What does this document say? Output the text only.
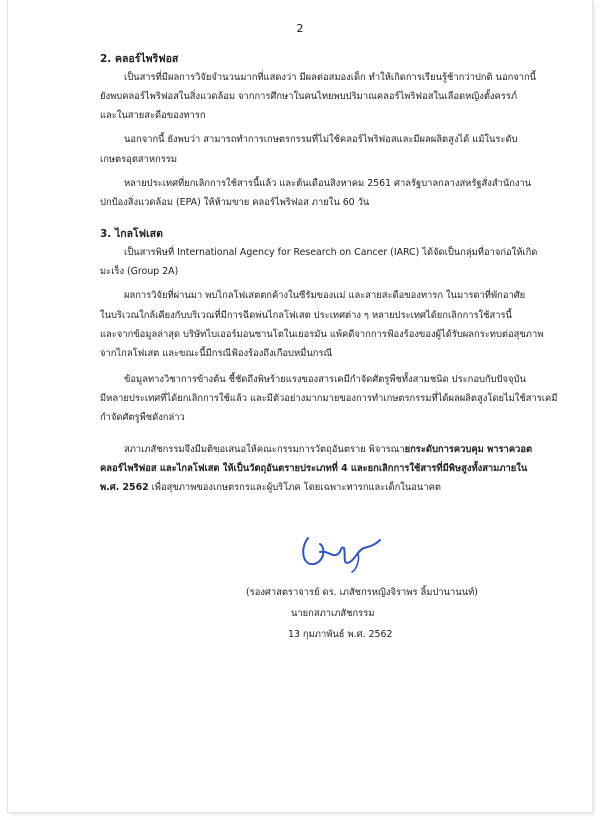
2
2. คลอร์ไพริฟอส
เป็นสารที่มีผลการวิจัยจำนวนมากที่แสดงว่า มีผลต่อสมองเด็ก ทำให้เกิดการเรียนรู้ช้ากว่าปกติ นอกจากนี้
ยังพบคลอร์ไพริฟอสในสิ่งแวดล้อม จากการศึกษาในคนไทยพบปริมาณคลอร์ไพริฟอสในเลือดหญิงตั้งครรภ์
และในสายสะดือของทารก
นอกจากนี้ ยังพบว่า สามารถทำการเกษตรกรรมที่ไม่ใช้คลอร์ไพริฟอสและมีผลผลิตสูงได้ แม้ในระดับ
เกษตรอุตสาหกรรม
หลายประเทศที่ยกเลิกการใช้สารนี้แล้ว และต้นเดือนสิงหาคม 2561 ศาลรัฐบาลกลางสหรัฐสั่งสำนักงาน
ปกป้องสิ่งแวดล้อม (EPA) ให้ห้ามขาย คลอร์ไพริฟอส ภายใน 60 วัน
3. ไกลโฟเสต
เป็นสารพิษที่ International Agency for Research on Cancer (IARC) ได้จัดเป็นกลุ่มที่อาจก่อให้เกิด
มะเร็ง (Group 2A)
ผลการวิจัยที่ผ่านมา พบไกลโฟเสตตกค้างในซีรัมของแม่ และสายสะดือของทารก ในมารดาที่พักอาศัย
ในบริเวณใกล้เคียงกับบริเวณที่มีการฉีดพ่นไกลโฟเสต ประเทศต่าง ๆ หลายประเทศได้ยกเลิกการใช้สารนี้
และจากข้อมูลล่าสุด บริษัทไบเออร์มอนซานโตในเยอรมัน แพ้คดีจากการฟ้องร้องของผู้ได้รับผลกระทบต่อสุขภาพ
จากไกลโฟเสต และขณะนี้มีกรณีฟ้องร้องถึงเกือบหมื่นกรณี
ข้อมูลทางวิชาการข้างต้น ชี้ชัดถึงพิษร้ายแรงของสารเคมีกำจัดศัตรูพืชทั้งสามชนิด ประกอบกับปัจจุบัน
มีหลายประเทศที่ได้ยกเลิกการใช้แล้ว และมีตัวอย่างมากมายของการทำเกษตรกรรมที่ได้ผลผลิตสูงโดยไม่ใช้สารเคมี
กำจัดศัตรูพืชดังกล่าว
สภาเภสัชกรรมจึงมีมติขอเสนอให้คณะกรรมการวัตถุอันตราย พิจารณายกระดับการควบคุม พาราควอต
คลอร์ไพริฟอส และไกลโฟเสต ให้เป็นวัตถุอันตรายประเภทที่ 4 และยกเลิกการใช้สารที่มีพิษสูงทั้งสามภายใน
พ.ศ. 2562 เพื่อสุขภาพของเกษตรกรและผู้บริโภค โดยเฉพาะทารกและเด็กในอนาคต
(รองศาสตราจารย์ ดร. เภสัชกรหญิงจิราพร ลิ้มปานานนท์)
นายกสภาเภสัชกรรม
13 กุมภาพันธ์ พ.ศ. 2562
